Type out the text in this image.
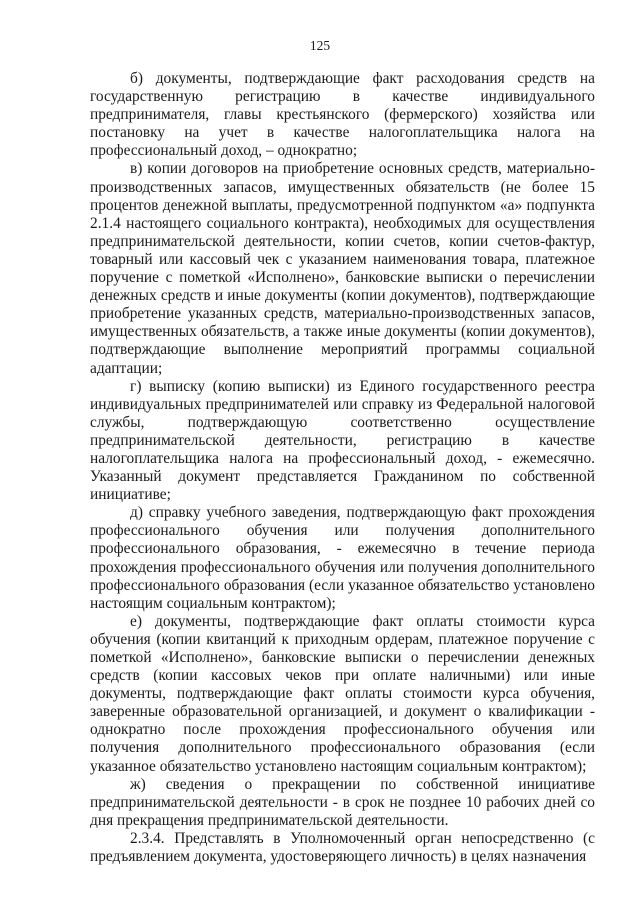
125

б) документы, подтверждающие факт расходования средств на государственную регистрацию в качестве индивидуального предпринимателя, главы крестьянского (фермерского) хозяйства или постановку на учет в качестве налогоплательщика налога на профессиональный доход, – однократно;

в) копии договоров на приобретение основных средств, материально-производственных запасов, имущественных обязательств (не более 15 процентов денежной выплаты, предусмотренной подпунктом «а» подпункта 2.1.4 настоящего социального контракта), необходимых для осуществления предпринимательской деятельности, копии счетов, копии счетов-фактур, товарный или кассовый чек с указанием наименования товара, платежное поручение с пометкой «Исполнено», банковские выписки о перечислении денежных средств и иные документы (копии документов), подтверждающие приобретение указанных средств, материально-производственных запасов, имущественных обязательств, а также иные документы (копии документов), подтверждающие выполнение мероприятий программы социальной адаптации;

г) выписку (копию выписки) из Единого государственного реестра индивидуальных предпринимателей или справку из Федеральной налоговой службы, подтверждающую соответственно осуществление предпринимательской деятельности, регистрацию в качестве налогоплательщика налога на профессиональный доход, - ежемесячно. Указанный документ представляется Гражданином по собственной инициативе;

д) справку учебного заведения, подтверждающую факт прохождения профессионального обучения или получения дополнительного профессионального образования, - ежемесячно в течение периода прохождения профессионального обучения или получения дополнительного профессионального образования (если указанное обязательство установлено настоящим социальным контрактом);

е) документы, подтверждающие факт оплаты стоимости курса обучения (копии квитанций к приходным ордерам, платежное поручение с пометкой «Исполнено», банковские выписки о перечислении денежных средств (копии кассовых чеков при оплате наличными) или иные документы, подтверждающие факт оплаты стоимости курса обучения, заверенные образовательной организацией, и документ о квалификации - однократно после прохождения профессионального обучения или получения дополнительного профессионального образования (если указанное обязательство установлено настоящим социальным контрактом);

ж) сведения о прекращении по собственной инициативе предпринимательской деятельности - в срок не позднее 10 рабочих дней со дня прекращения предпринимательской деятельности.

2.3.4. Представлять в Уполномоченный орган непосредственно (с предъявлением документа, удостоверяющего личность) в целях назначения
